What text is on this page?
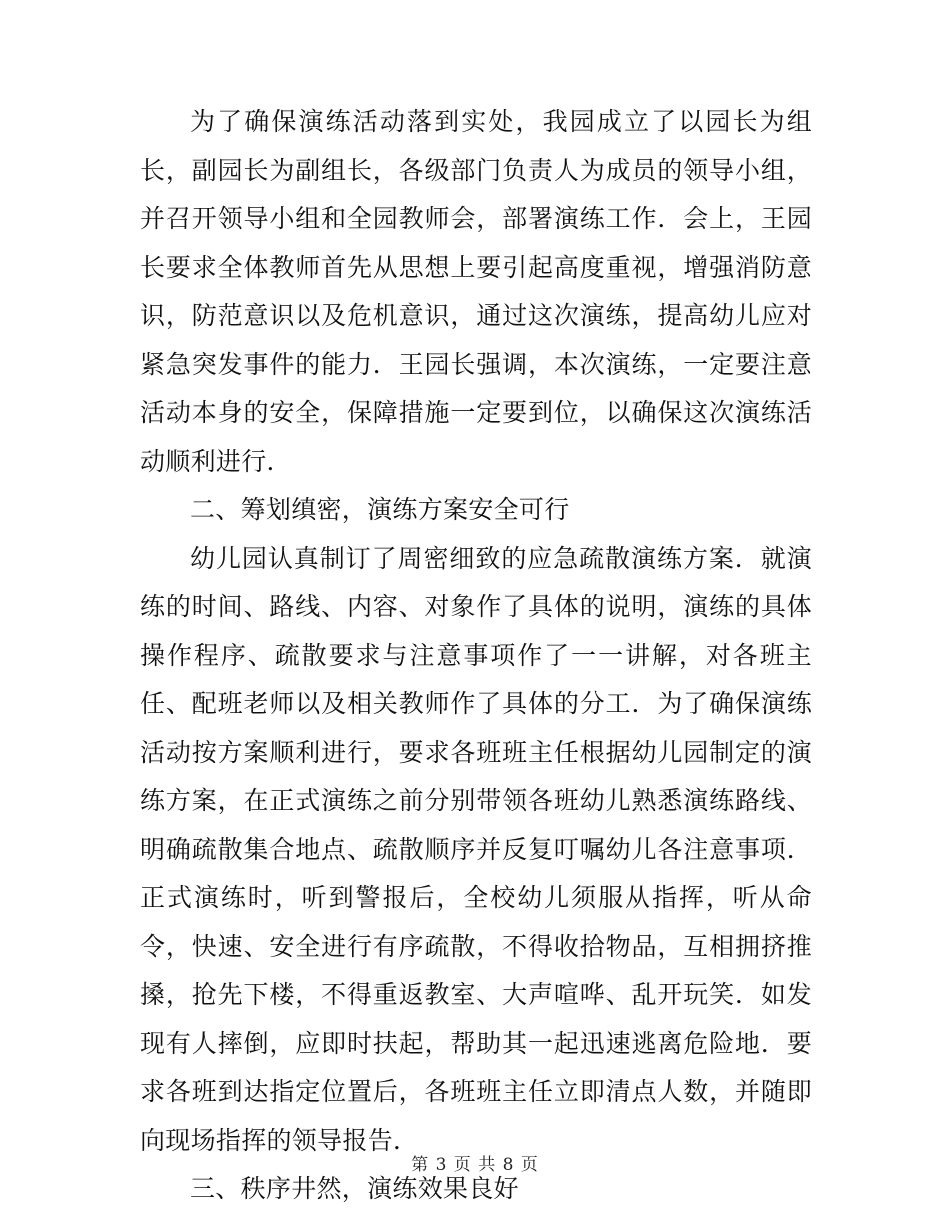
为了确保演练活动落到实处，我园成立了以园长为组长，副园长为副组长，各级部门负责人为成员的领导小组，并召开领导小组和全园教师会，部署演练工作．会上，王园长要求全体教师首先从思想上要引起高度重视，增强消防意识，防范意识以及危机意识，通过这次演练，提高幼儿应对紧急突发事件的能力．王园长强调，本次演练，一定要注意活动本身的安全，保障措施一定要到位，以确保这次演练活动顺利进行．

二、筹划缜密，演练方案安全可行

幼儿园认真制订了周密细致的应急疏散演练方案．就演练的时间、路线、内容、对象作了具体的说明，演练的具体操作程序、疏散要求与注意事项作了一一讲解，对各班主任、配班老师以及相关教师作了具体的分工．为了确保演练活动按方案顺利进行，要求各班班主任根据幼儿园制定的演练方案，在正式演练之前分别带领各班幼儿熟悉演练路线、明确疏散集合地点、疏散顺序并反复叮嘱幼儿各注意事项．正式演练时，听到警报后，全校幼儿须服从指挥，听从命令，快速、安全进行有序疏散，不得收拾物品，互相拥挤推搡，抢先下楼，不得重返教室、大声喧哗、乱开玩笑．如发现有人摔倒，应即时扶起，帮助其一起迅速逃离危险地．要求各班到达指定位置后，各班班主任立即清点人数，并随即向现场指挥的领导报告．

三、秩序井然，演练效果良好

第 3 页 共 8 页
